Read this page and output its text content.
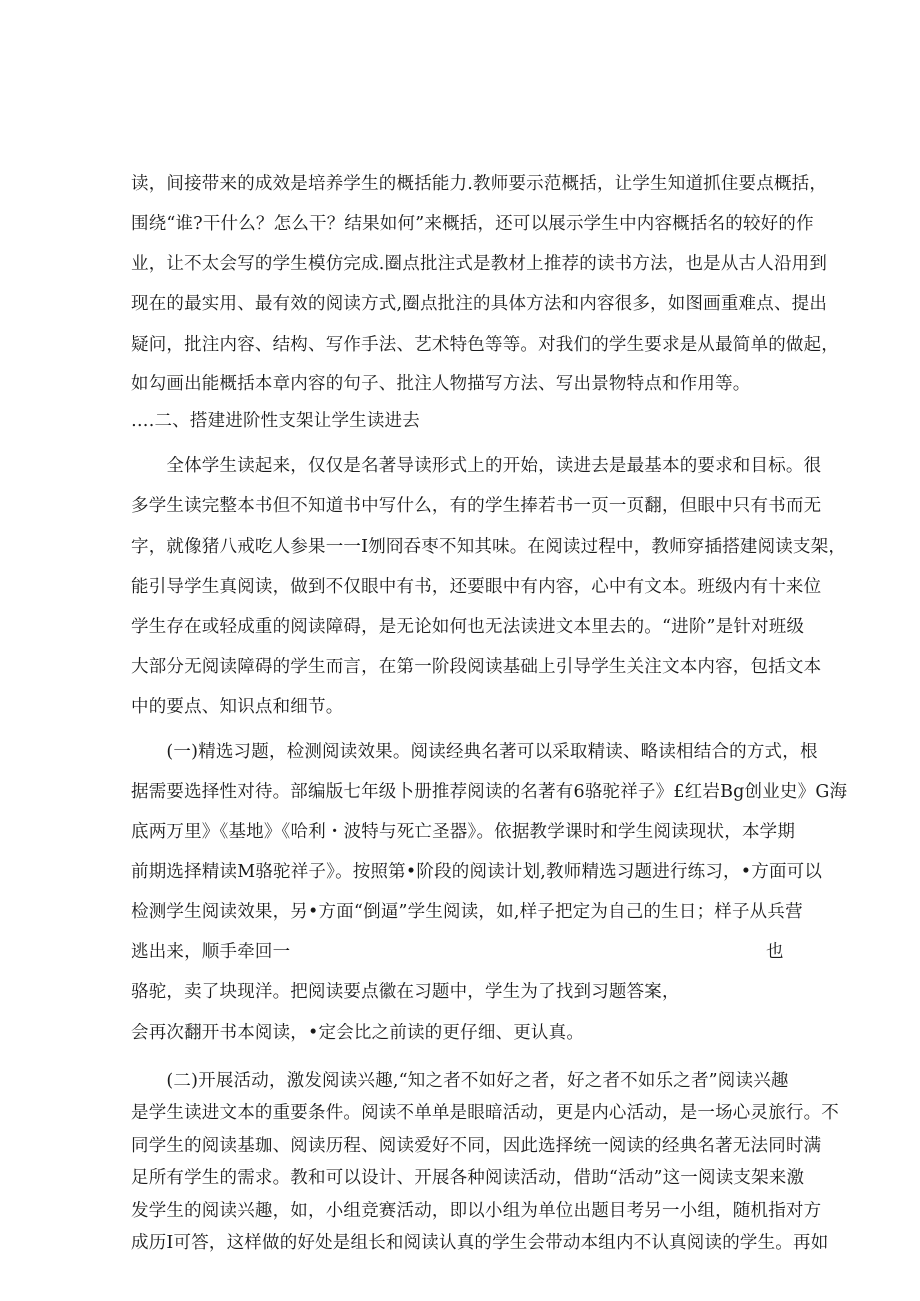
读，间接带来的成效是培养学生的概括能力.教师要示范概括，让学生知道抓住要点概括，
围绕“谁?干什么？怎么干？结果如何”来概括，还可以展示学生中内容概括名的较好的作
业，让不太会写的学生模仿完成.圈点批注式是教材上推荐的读书方法，也是从古人沿用到
现在的最实用、最有效的阅读方式,圈点批注的具体方法和内容很多，如图画重难点、提出
疑问，批注内容、结构、写作手法、艺术特色等等。对我们的学生要求是从最简单的做起，
如勾画出能概括本章内容的句子、批注人物描写方法、写出景物特点和作用等。
….二、搭建进阶性支架让学生读进去
　　全体学生读起来，仅仅是名著导读形式上的开始，读进去是最基本的要求和目标。很
多学生读完整本书但不知道书中写什么，有的学生捧若书一页一页翻，但眼中只有书而无
字，就像猪八戒吃人参果一一I刎冏吞枣不知其味。在阅读过程中，教师穿插搭建阅读支架，
能引导学生真阅读，做到不仅眼中有书，还要眼中有内容，心中有文本。班级内有十来位
学生存在或轻成重的阅读障碍，是无论如何也无法读进文本里去的。“进阶”是针对班级
大部分无阅读障碍的学生而言，在第一阶段阅读基础上引导学生关注文本内容，包括文本
中的要点、知识点和细节。
　　(一)精选习题，检测阅读效果。阅读经典名著可以采取精读、略读相结合的方式，根
据需要选择性对待。部编版七年级卜册推荐阅读的名著有6骆驼祥子》£红岩Bg创业史》G海
底两万里》《基地》《哈利・波特与死亡圣器》。依据教学课时和学生阅读现状，本学期
前期选择精读M骆驼祥子》。按照第•阶段的阅读计划,教师精选习题进行练习，•方面可以
检测学生阅读效果，另•方面“倒逼”学生阅读，如,样子把定为自己的生日；样子从兵营
逃出来，顺手牵回一	也
骆驼，卖了块现洋。把阅读要点徽在习题中，学生为了找到习题答案，
会再次翻开书本阅读，•定会比之前读的更仔细、更认真。
　　(二)开展活动，激发阅读兴趣,“知之者不如好之者，好之者不如乐之者”阅读兴趣
是学生读进文本的重要条件。阅读不单单是眼暗活动，更是内心活动，是一场心灵旅行。不
同学生的阅读基珈、阅读历程、阅读爱好不同，因此选择统一阅读的经典名著无法同时满
足所有学生的需求。教和可以设计、开展各种阅读活动，借助“活动”这一阅读支架来激
发学生的阅读兴趣，如，小组竞赛活动，即以小组为单位出题目考另一小组，随机指对方
成历I可答，这样做的好处是组长和阅读认真的学生会带动本组内不认真阅读的学生。再如
